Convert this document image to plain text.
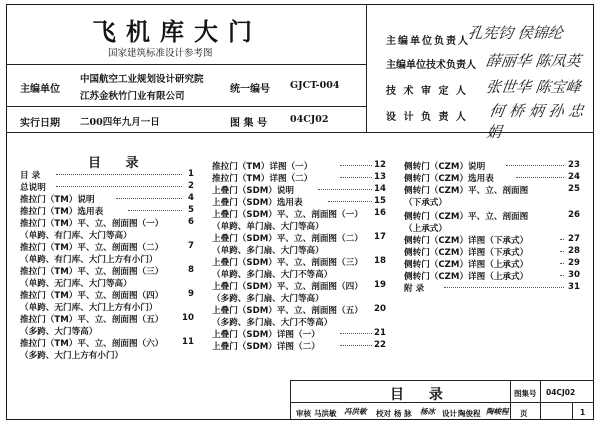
飞机库大门
国家建筑标准设计参考图
主编单位
中国航空工业规划设计研究院
江苏金秋竹门业有限公司
统一编号 GJCT-004
实行日期 二00四年九月一日	图 集 号 04CJ02
主编单位负责人
孔宪钧 侯锦纶
主编单位技术负责人 薛丽华 陈凤英
技 术 审 定 人 张世华 陈宝峰
设 计 负 责 人 何 桥 炳 孙 忠 娟
目 录
目 录	1
总说明	2
推拉门（TM）说明	4
推拉门（TM）选用表	5
推拉门（TM）平、立、剖面图（一）	6
（单跨、有门库、大门等高）
推拉门（TM）平、立、剖面图（二）	7
（单跨、有门库、大门上方有小门）
推拉门（TM）平、立、剖面图（三）	8
（单跨、无门库、大门等高）
推拉门（TM）平、立、剖面图（四）	9
（单跨、无门库、大门上方有小门）
推拉门（TM）平、立、剖面图（五） 10
（多跨、大门等高）
推拉门（TM）平、立、剖面图（六） 11
（多跨、大门上方有小门）
推拉门（TM）详图（一）	12
推拉门（TM）详图（二）	13
上叠门（SDM）说明	14
上叠门（SDM）选用表	15
上叠门（SDM）平、立、剖面图（一） 16
（单跨、单门扇、大门等高）
上叠门（SDM）平、立、剖面图（二） 17
（单跨、多门扇、大门等高）
上叠门（SDM）平、立、剖面图（三） 18
（单跨、多门扇、大门不等高）
上叠门（SDM）平、立、剖面图（四） 19
（多跨、多门扇、大门等高）
上叠门（SDM）平、立、剖面图（五） 20
（多跨、多门扇、大门不等高）
上叠门（SDM）详图（一）	21
上叠门（SDM）详图（二）	22
侧转门（CZM）说明	23
侧转门（CZM）选用表	24
侧转门（CZM）平、立、剖面图	25
（下承式）
侧转门（CZM）平、立、剖面图	26
（上承式）
侧转门（CZM）详图（下承式）	27
侧转门（CZM）详图（下承式）	28
侧转门（CZM）详图（上承式）	29
侧转门（CZM）详图（上承式）	30
附 录	31
目 录	图集号 04CJ02
审核 马洪敏 冯洪敏 校对 杨 脉 杨冰 设计 陶俊程 陶峻程 页	1
